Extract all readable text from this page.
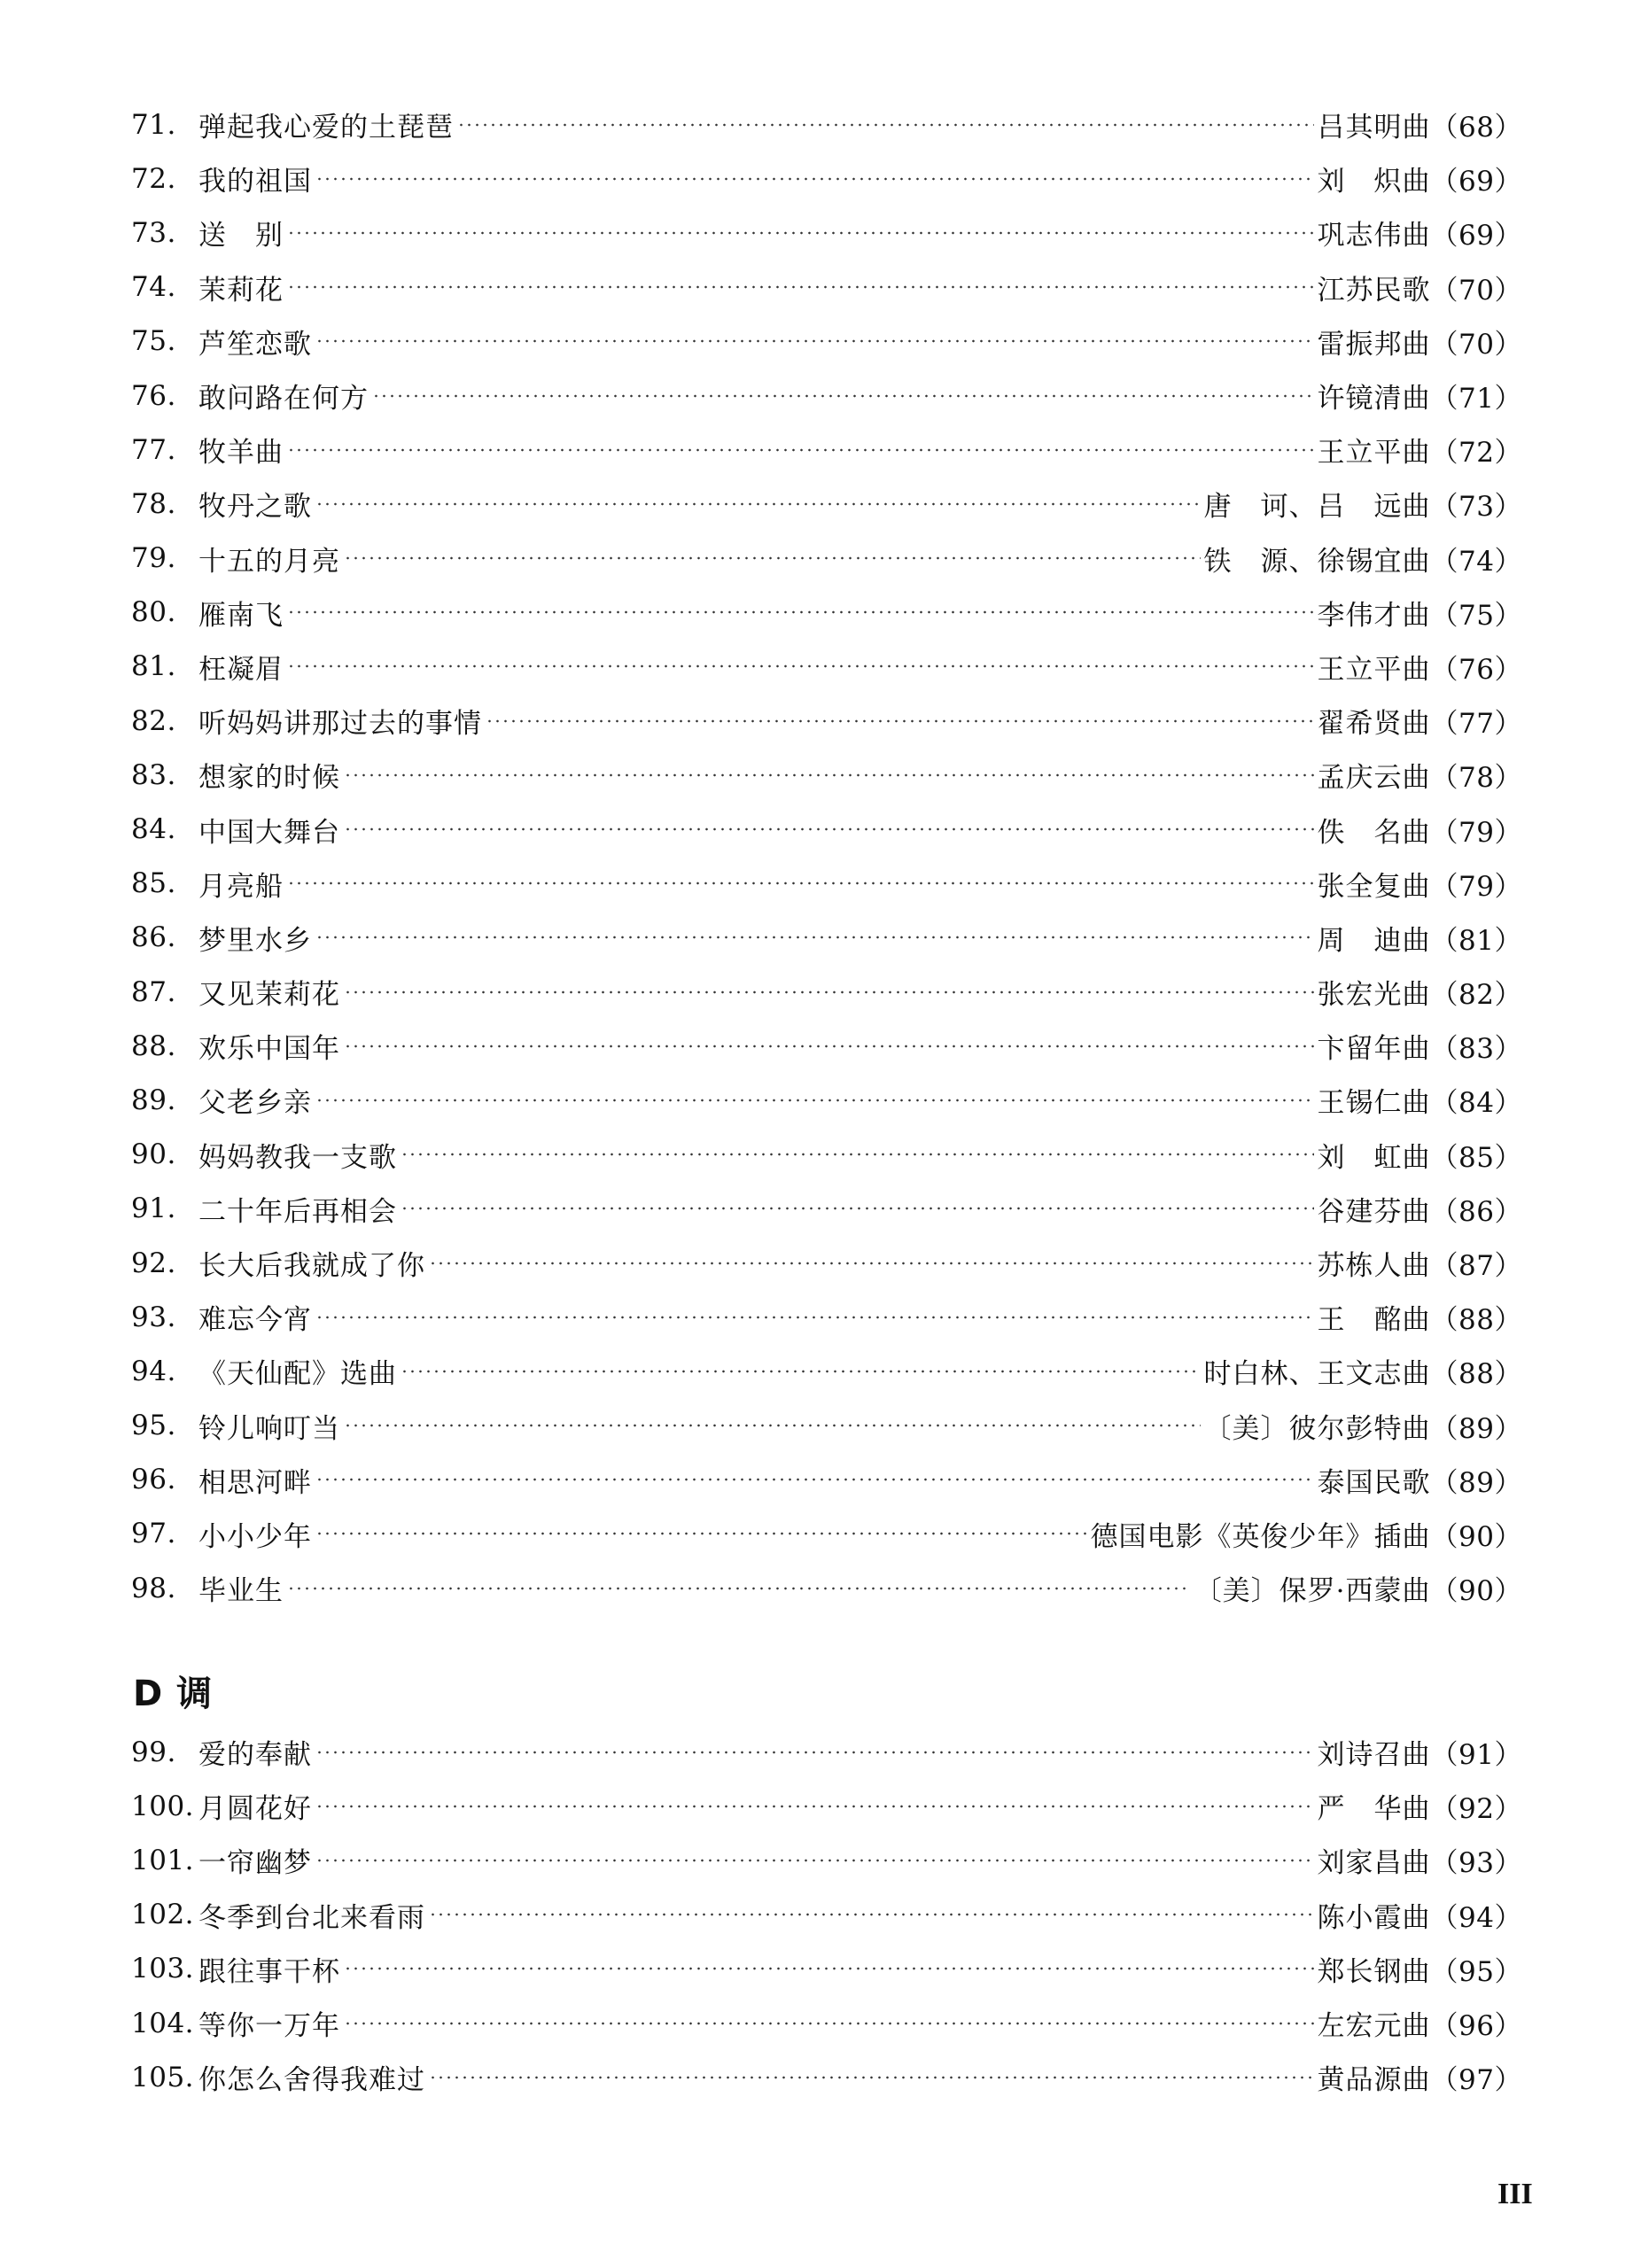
71. 弹起我心爱的土琵琶	吕其明曲 （68）
72. 我的祖国	刘　炽曲 （69）
73. 送　别	巩志伟曲 （69）
74. 茉莉花	江苏民歌 （70）
75. 芦笙恋歌	雷振邦曲 （70）
76. 敢问路在何方	许镜清曲 （71）
77. 牧羊曲	王立平曲 （72）
78. 牧丹之歌	唐　诃、吕　远曲 （73）
79. 十五的月亮	铁　源、徐锡宜曲 （74）
80. 雁南飞	李伟才曲 （75）
81. 枉凝眉	王立平曲 （76）
82. 听妈妈讲那过去的事情	翟希贤曲 （77）
83. 想家的时候	孟庆云曲 （78）
84. 中国大舞台	佚　名曲 （79）
85. 月亮船	张全复曲 （79）
86. 梦里水乡	周　迪曲 （81）
87. 又见茉莉花	张宏光曲 （82）
88. 欢乐中国年	卞留年曲 （83）
89. 父老乡亲	王锡仁曲 （84）
90. 妈妈教我一支歌	刘　虹曲 （85）
91. 二十年后再相会	谷建芬曲 （86）
92. 长大后我就成了你	苏栋人曲 （87）
93. 难忘今宵	王　酩曲 （88）
94. 《天仙配》选曲	时白林、王文志曲 （88）
95. 铃儿响叮当	〔美〕彼尔彭特曲 （89）
96. 相思河畔	泰国民歌 （89）
97. 小小少年	德国电影《英俊少年》插曲 （90）
98. 毕业生	〔美〕保罗·西蒙曲 （90）
D 调
99. 爱的奉献	刘诗召曲 （91）
100. 月圆花好	严　华曲 （92）
101. 一帘幽梦	刘家昌曲 （93）
102. 冬季到台北来看雨	陈小霞曲 （94）
103. 跟往事干杯	郑长钢曲 （95）
104. 等你一万年	左宏元曲 （96）
105. 你怎么舍得我难过	黄品源曲 （97）
III
